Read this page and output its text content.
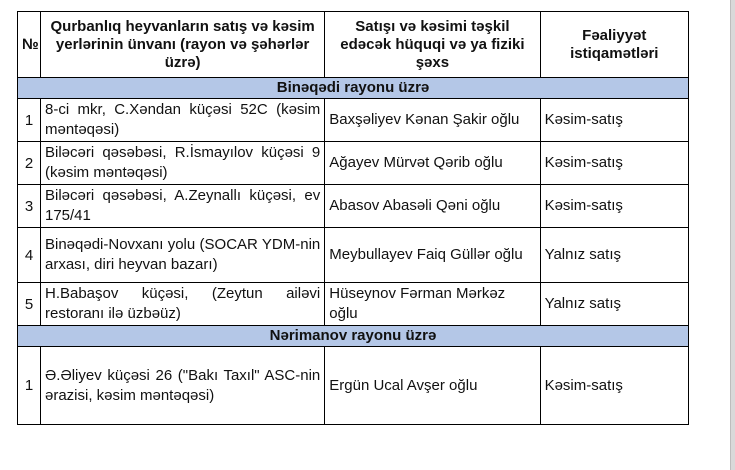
№	Qurbanlıq heyvanların satış və kəsim yerlərinin ünvanı (rayon və şəhərlər üzrə)	Satışı və kəsimi təşkil edəcək hüquqi və ya fiziki şəxs	Fəaliyyət istiqamətləri
Binəqədi rayonu üzrə			
1	8-ci mkr, C.Xəndan küçəsi 52C (kəsim məntəqəsi)	Baxşəliyev Kənan Şakir oğlu	Kəsim-satış
2	Biləcəri qəsəbəsi, R.İsmayılov küçəsi 9 (kəsim məntəqəsi)	Ağayev Mürvət Qərib oğlu	Kəsim-satış
3	Biləcəri qəsəbəsi, A.Zeynallı küçəsi, ev 175/41	Abasov Abasəli Qəni oğlu	Kəsim-satış
4	Binəqədi-Novxanı yolu (SOCAR YDM-nin arxası, diri heyvan bazarı)	Meybullayev Faiq Güllər oğlu	Yalnız satış
5	H.Babaşov küçəsi, (Zeytun ailəvi restoranı ilə üzbəüz)	Hüseynov Fərman Mərkəz oğlu	Yalnız satış
Nərimanov rayonu üzrə			
1	Ə.Əliyev küçəsi 26 ("Bakı Taxıl" ASC-nin ərazisi, kəsim məntəqəsi)	Ergün Ucal Avşer oğlu	Kəsim-satış
